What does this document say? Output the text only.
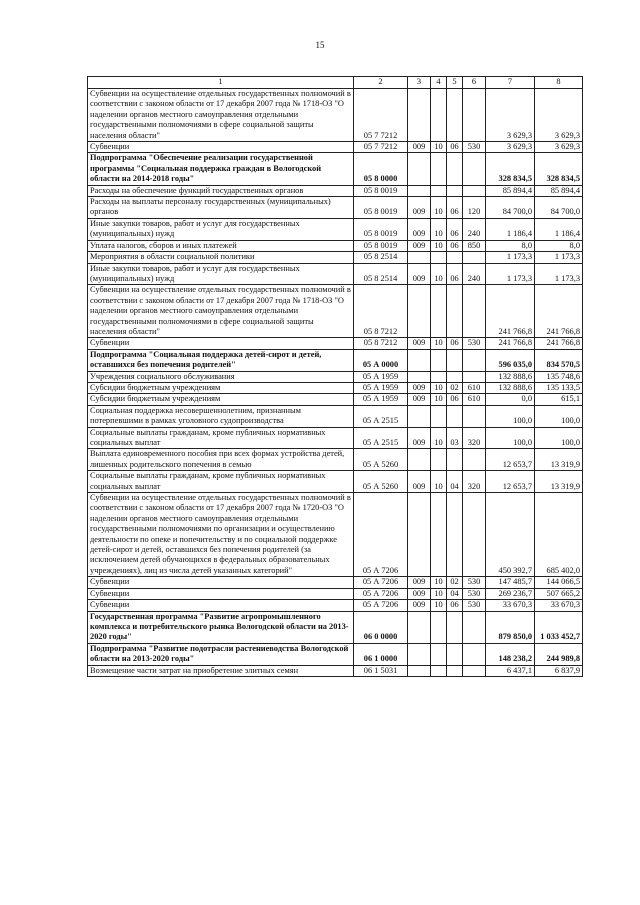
15
1	2	3	4	5	6	7	8
Субвенции на осуществление отдельных государственных полномочий в соответствии с законом области от 17 декабря 2007 года № 1718-ОЗ "О наделении органов местного самоуправления отдельными государственными полномочиями в сфере социальной защиты населения области"	05 7 7212					3 629,3	3 629,3
Субвенции	05 7 7212	009	10	06	530	3 629,3	3 629,3
Подпрограмма "Обеспечение реализации государственной программы "Социальная поддержка граждан в Вологодской области на 2014-2018 годы"	05 8 0000					328 834,5	328 834,5
Расходы на обеспечение функций государственных органов	05 8 0019					85 894,4	85 894,4
Расходы на выплаты персоналу государственных (муниципальных) органов	05 8 0019	009	10	06	120	84 700,0	84 700,0
Иные закупки товаров, работ и услуг для государственных (муниципальных) нужд	05 8 0019	009	10	06	240	1 186,4	1 186,4
Уплата налогов, сборов и иных платежей	05 8 0019	009	10	06	850	8,0	8,0
Мероприятия в области социальной политики	05 8 2514					1 173,3	1 173,3
Иные закупки товаров, работ и услуг для государственных (муниципальных) нужд	05 8 2514	009	10	06	240	1 173,3	1 173,3
Субвенции на осуществление отдельных государственных полномочий в соответствии с законом области от 17 декабря 2007 года № 1718-ОЗ "О наделении органов местного самоуправления отдельными государственными полномочиями в сфере социальной защиты населения области"	05 8 7212					241 766,8	241 766,8
Субвенции	05 8 7212	009	10	06	530	241 766,8	241 766,8
Подпрограмма "Социальная поддержка детей-сирот и детей, оставшихся без попечения родителей"	05 А 0000					596 035,0	834 570,5
Учреждения социального обслуживания	05 А 1959					132 888,6	135 748,6
Субсидии бюджетным учреждениям	05 А 1959	009	10	02	610	132 888,6	135 133,5
Субсидии бюджетным учреждениям	05 А 1959	009	10	06	610	0,0	615,1
Социальная поддержка несовершеннолетним, признанным потерпевшими в рамках уголовного судопроизводства	05 А 2515					100,0	100,0
Социальные выплаты гражданам, кроме публичных нормативных социальных выплат	05 А 2515	009	10	03	320	100,0	100,0
Выплата единовременного пособия при всех формах устройства детей, лишенных родительского попечения в семью	05 А 5260					12 653,7	13 319,9
Социальные выплаты гражданам, кроме публичных нормативных социальных выплат	05 А 5260	009	10	04	320	12 653,7	13 319,9
Субвенции на осуществление отдельных государственных полномочий в соответствии с законом области от 17 декабря 2007 года № 1720-ОЗ "О наделении органов местного самоуправления отдельными государственными полномочиями по организации и осуществлению деятельности по опеке и попечительству и по социальной поддержке детей-сирот и детей, оставшихся без попечения родителей (за исключением детей обучающихся в федеральных образовательных учреждениях), лиц из числа детей указанных категорий"	05 А 7206					450 392,7	685 402,0
Субвенции	05 А 7206	009	10	02	530	147 485,7	144 066,5
Субвенции	05 А 7206	009	10	04	530	269 236,7	507 665,2
Субвенции	05 А 7206	009	10	06	530	33 670,3	33 670,3
Государственная программа "Развитие агропромышленного комплекса и потребительского рынка Вологодской области на 2013-2020 годы"	06 0 0000					879 850,0	1 033 452,7
Подпрограмма "Развитие подотрасли растениеводства Вологодской области на 2013-2020 годы"	06 1 0000					148 238,2	244 989,8
Возмещение части затрат на приобретение элитных семян	06 1 5031					6 437,1	6 837,9
